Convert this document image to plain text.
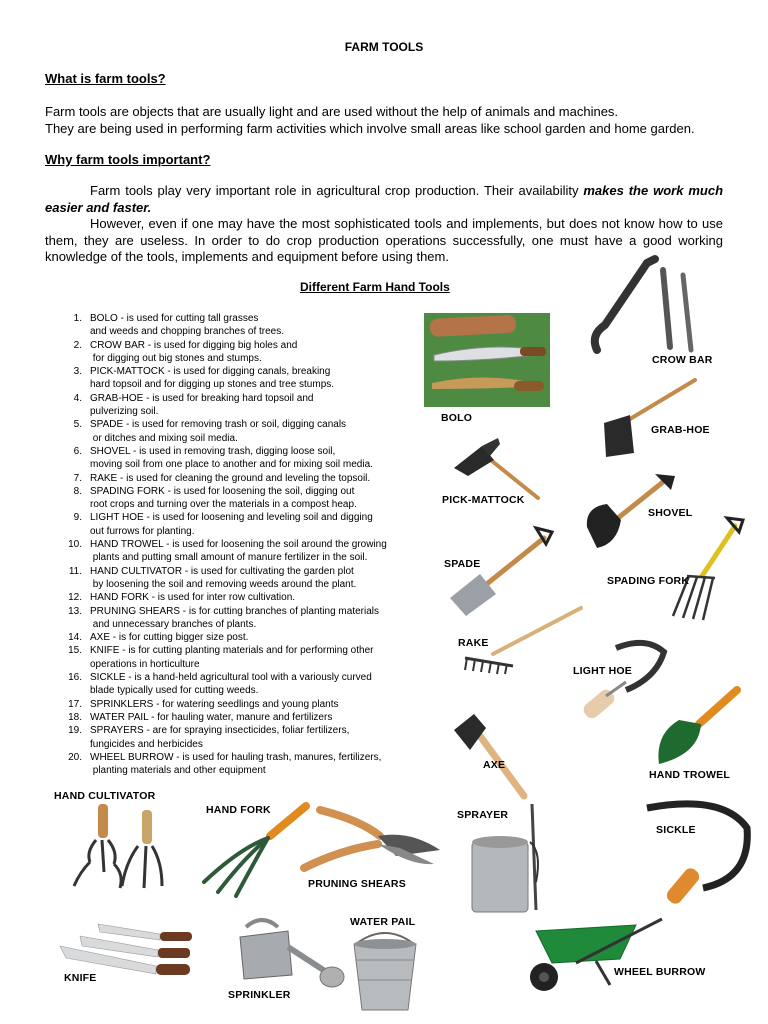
FARM TOOLS
What is farm tools?

Farm tools are objects that are usually light and are used without the help of animals and machines.

They are being used in performing farm activities which involve small areas like school garden and home garden.

Why farm tools important?

Farm tools play very important role in agricultural crop production. Their availability makes the work much easier and faster.

However, even if one may have the most sophisticated tools and implements, but does not know how to use them, they are useless. In order to do crop production operations successfully, one must have a good working knowledge of the tools, implements and equipment before using them.

Different Farm Hand Tools
1. BOLO - is used for cutting tall grasses
and weeds and chopping branches of trees.
2. CROW BAR - is used for digging big holes and
for digging out big stones and stumps.
3. PICK-MATTOCK - is used for digging canals, breaking
hard topsoil and for digging up stones and tree stumps.
4. GRAB-HOE - is used for breaking hard topsoil and
pulverizing soil.
5. SPADE - is used for removing trash or soil, digging canals
or ditches and mixing soil media.
6. SHOVEL - is used in removing trash, digging loose soil,
moving soil from one place to another and for mixing soil media.
7. RAKE - is used for cleaning the ground and leveling the topsoil.
8. SPADING FORK - is used for loosening the soil, digging out
root crops and turning over the materials in a compost heap.
9. LIGHT HOE - is used for loosening and leveling soil and digging
out furrows for planting.
10. HAND TROWEL - is used for loosening the soil around the growing
plants and putting small amount of manure fertilizer in the soil.
11. HAND CULTIVATOR - is used for cultivating the garden plot
by loosening the soil and removing weeds around the plant.
12. HAND FORK - is used for inter row cultivation.
13. PRUNING SHEARS - is for cutting branches of planting materials
and unnecessary branches of plants.
14. AXE - is for cutting bigger size post.
15. KNIFE - is for cutting planting materials and for performing other
operations in horticulture
16. SICKLE - is a hand-held agricultural tool with a variously curved
blade typically used for cutting weeds.
17. SPRINKLERS - for watering seedlings and young plants
18. WATER PAIL - for hauling water, manure and fertilizers
19. SPRAYERS - are for spraying insecticides, foliar fertilizers,
fungicides and herbicides
20. WHEEL BURROW - is used for hauling trash, manures, fertilizers,
planting materials and other equipment
BOLO
CROW BAR
GRAB-HOE
PICK-MATTOCK
SHOVEL
SPADE
SPADING FORK
RAKE
LIGHT HOE
AXE
HAND TROWEL
HAND CULTIVATOR
HAND FORK
PRUNING SHEARS
SPRAYER
SICKLE
KNIFE
SPRINKLER
WATER PAIL
WHEEL BURROW
